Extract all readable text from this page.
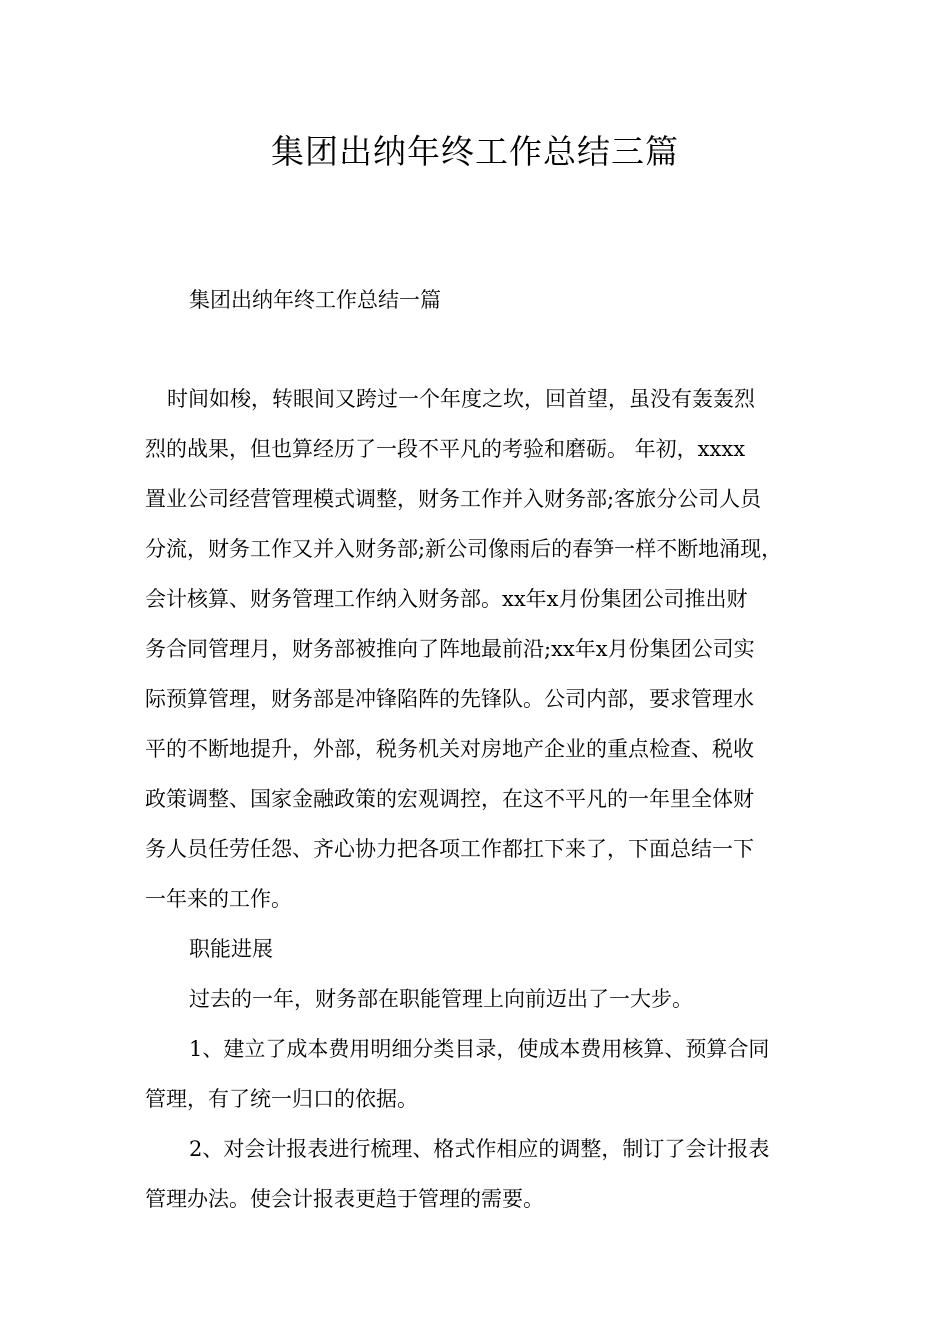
集团出纳年终工作总结三篇

集团出纳年终工作总结一篇

时间如梭，转眼间又跨过一个年度之坎，回首望，虽没有轰轰烈
烈的战果，但也算经历了一段不平凡的考验和磨砺。 年初，xxxx
置业公司经营管理模式调整，财务工作并入财务部;客旅分公司人员
分流，财务工作又并入财务部;新公司像雨后的春笋一样不断地涌现，
会计核算、财务管理工作纳入财务部。xx年x月份集团公司推出财
务合同管理月，财务部被推向了阵地最前沿;xx年x月份集团公司实
际预算管理，财务部是冲锋陷阵的先锋队。公司内部，要求管理水
平的不断地提升，外部，税务机关对房地产企业的重点检查、税收
政策调整、国家金融政策的宏观调控，在这不平凡的一年里全体财
务人员任劳任怨、齐心协力把各项工作都扛下来了，下面总结一下
一年来的工作。
职能进展
过去的一年，财务部在职能管理上向前迈出了一大步。
1、建立了成本费用明细分类目录，使成本费用核算、预算合同
管理，有了统一归口的依据。
2、对会计报表进行梳理、格式作相应的调整，制订了会计报表
管理办法。使会计报表更趋于管理的需要。
